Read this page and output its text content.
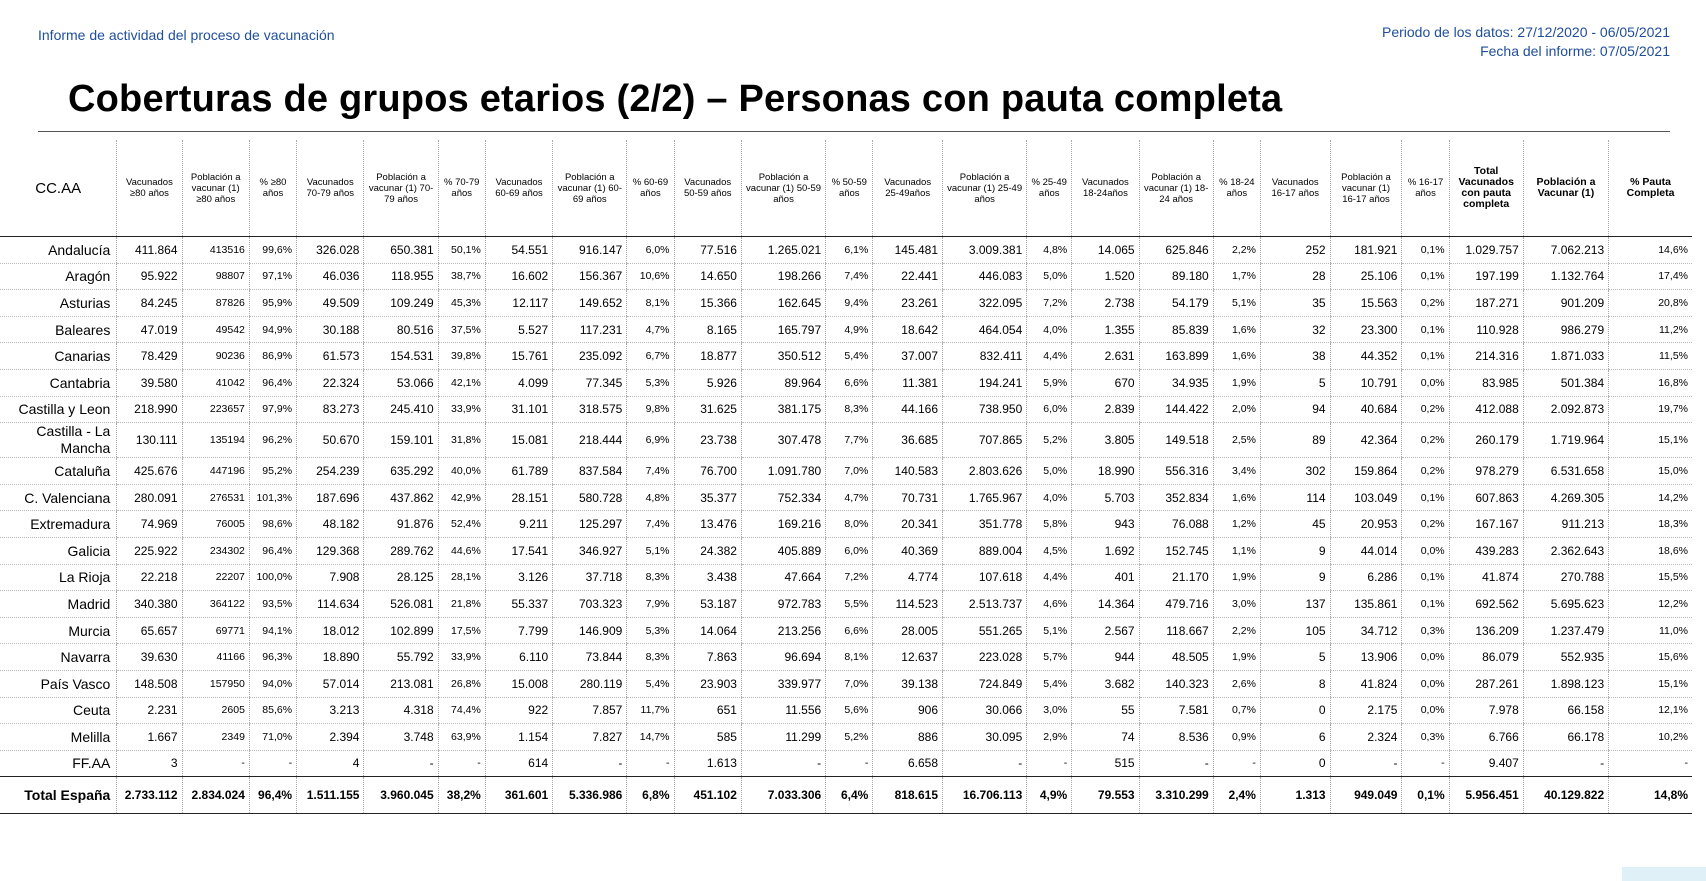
Informe de actividad del proceso de vacunación	Periodo de los datos: 27/12/2020 - 06/05/2021
Fecha del informe: 07/05/2021
Coberturas de grupos etarios (2/2) – Personas con pauta completa
CC.AA	Vacunados ≥80 años	Población a vacunar (1) ≥80 años	% ≥80 años	Vacunados 70-79 años	Población a vacunar (1) 70-79 años	% 70-79 años	Vacunados 60-69 años	Población a vacunar (1) 60-69 años	% 60-69 años	Vacunados 50-59 años	Población a vacunar (1) 50-59 años	% 50-59 años	Vacunados 25-49años	Población a vacunar (1) 25-49 años	% 25-49 años	Vacunados 18-24años	Población a vacunar (1) 18-24 años	% 18-24 años	Vacunados 16-17 años	Población a vacunar (1) 16-17 años	% 16-17 años	Total Vacunados con pauta completa	Población a Vacunar (1)	% Pauta Completa
Andalucía	411.864	413516	99,6%	326.028	650.381	50,1%	54.551	916.147	6,0%	77.516	1.265.021	6,1%	145.481	3.009.381	4,8%	14.065	625.846	2,2%	252	181.921	0,1%	1.029.757	7.062.213	14,6%
Aragón	95.922	98807	97,1%	46.036	118.955	38,7%	16.602	156.367	10,6%	14.650	198.266	7,4%	22.441	446.083	5,0%	1.520	89.180	1,7%	28	25.106	0,1%	197.199	1.132.764	17,4%
Asturias	84.245	87826	95,9%	49.509	109.249	45,3%	12.117	149.652	8,1%	15.366	162.645	9,4%	23.261	322.095	7,2%	2.738	54.179	5,1%	35	15.563	0,2%	187.271	901.209	20,8%
Baleares	47.019	49542	94,9%	30.188	80.516	37,5%	5.527	117.231	4,7%	8.165	165.797	4,9%	18.642	464.054	4,0%	1.355	85.839	1,6%	32	23.300	0,1%	110.928	986.279	11,2%
Canarias	78.429	90236	86,9%	61.573	154.531	39,8%	15.761	235.092	6,7%	18.877	350.512	5,4%	37.007	832.411	4,4%	2.631	163.899	1,6%	38	44.352	0,1%	214.316	1.871.033	11,5%
Cantabria	39.580	41042	96,4%	22.324	53.066	42,1%	4.099	77.345	5,3%	5.926	89.964	6,6%	11.381	194.241	5,9%	670	34.935	1,9%	5	10.791	0,0%	83.985	501.384	16,8%
Castilla y Leon	218.990	223657	97,9%	83.273	245.410	33,9%	31.101	318.575	9,8%	31.625	381.175	8,3%	44.166	738.950	6,0%	2.839	144.422	2,0%	94	40.684	0,2%	412.088	2.092.873	19,7%
Castilla - La Mancha	130.111	135194	96,2%	50.670	159.101	31,8%	15.081	218.444	6,9%	23.738	307.478	7,7%	36.685	707.865	5,2%	3.805	149.518	2,5%	89	42.364	0,2%	260.179	1.719.964	15,1%
Cataluña	425.676	447196	95,2%	254.239	635.292	40,0%	61.789	837.584	7,4%	76.700	1.091.780	7,0%	140.583	2.803.626	5,0%	18.990	556.316	3,4%	302	159.864	0,2%	978.279	6.531.658	15,0%
C. Valenciana	280.091	276531	101,3%	187.696	437.862	42,9%	28.151	580.728	4,8%	35.377	752.334	4,7%	70.731	1.765.967	4,0%	5.703	352.834	1,6%	114	103.049	0,1%	607.863	4.269.305	14,2%
Extremadura	74.969	76005	98,6%	48.182	91.876	52,4%	9.211	125.297	7,4%	13.476	169.216	8,0%	20.341	351.778	5,8%	943	76.088	1,2%	45	20.953	0,2%	167.167	911.213	18,3%
Galicia	225.922	234302	96,4%	129.368	289.762	44,6%	17.541	346.927	5,1%	24.382	405.889	6,0%	40.369	889.004	4,5%	1.692	152.745	1,1%	9	44.014	0,0%	439.283	2.362.643	18,6%
La Rioja	22.218	22207	100,0%	7.908	28.125	28,1%	3.126	37.718	8,3%	3.438	47.664	7,2%	4.774	107.618	4,4%	401	21.170	1,9%	9	6.286	0,1%	41.874	270.788	15,5%
Madrid	340.380	364122	93,5%	114.634	526.081	21,8%	55.337	703.323	7,9%	53.187	972.783	5,5%	114.523	2.513.737	4,6%	14.364	479.716	3,0%	137	135.861	0,1%	692.562	5.695.623	12,2%
Murcia	65.657	69771	94,1%	18.012	102.899	17,5%	7.799	146.909	5,3%	14.064	213.256	6,6%	28.005	551.265	5,1%	2.567	118.667	2,2%	105	34.712	0,3%	136.209	1.237.479	11,0%
Navarra	39.630	41166	96,3%	18.890	55.792	33,9%	6.110	73.844	8,3%	7.863	96.694	8,1%	12.637	223.028	5,7%	944	48.505	1,9%	5	13.906	0,0%	86.079	552.935	15,6%
País Vasco	148.508	157950	94,0%	57.014	213.081	26,8%	15.008	280.119	5,4%	23.903	339.977	7,0%	39.138	724.849	5,4%	3.682	140.323	2,6%	8	41.824	0,0%	287.261	1.898.123	15,1%
Ceuta	2.231	2605	85,6%	3.213	4.318	74,4%	922	7.857	11,7%	651	11.556	5,6%	906	30.066	3,0%	55	7.581	0,7%	0	2.175	0,0%	7.978	66.158	12,1%
Melilla	1.667	2349	71,0%	2.394	3.748	63,9%	1.154	7.827	14,7%	585	11.299	5,2%	886	30.095	2,9%	74	8.536	0,9%	6	2.324	0,3%	6.766	66.178	10,2%
FF.AA	3	-	-	4	-	-	614	-	-	1.613	-	-	6.658	-	-	515	-	-	0	-	-	9.407	-	-
Total España	2.733.112	2.834.024	96,4%	1.511.155	3.960.045	38,2%	361.601	5.336.986	6,8%	451.102	7.033.306	6,4%	818.615	16.706.113	4,9%	79.553	3.310.299	2,4%	1.313	949.049	0,1%	5.956.451	40.129.822	14,8%
